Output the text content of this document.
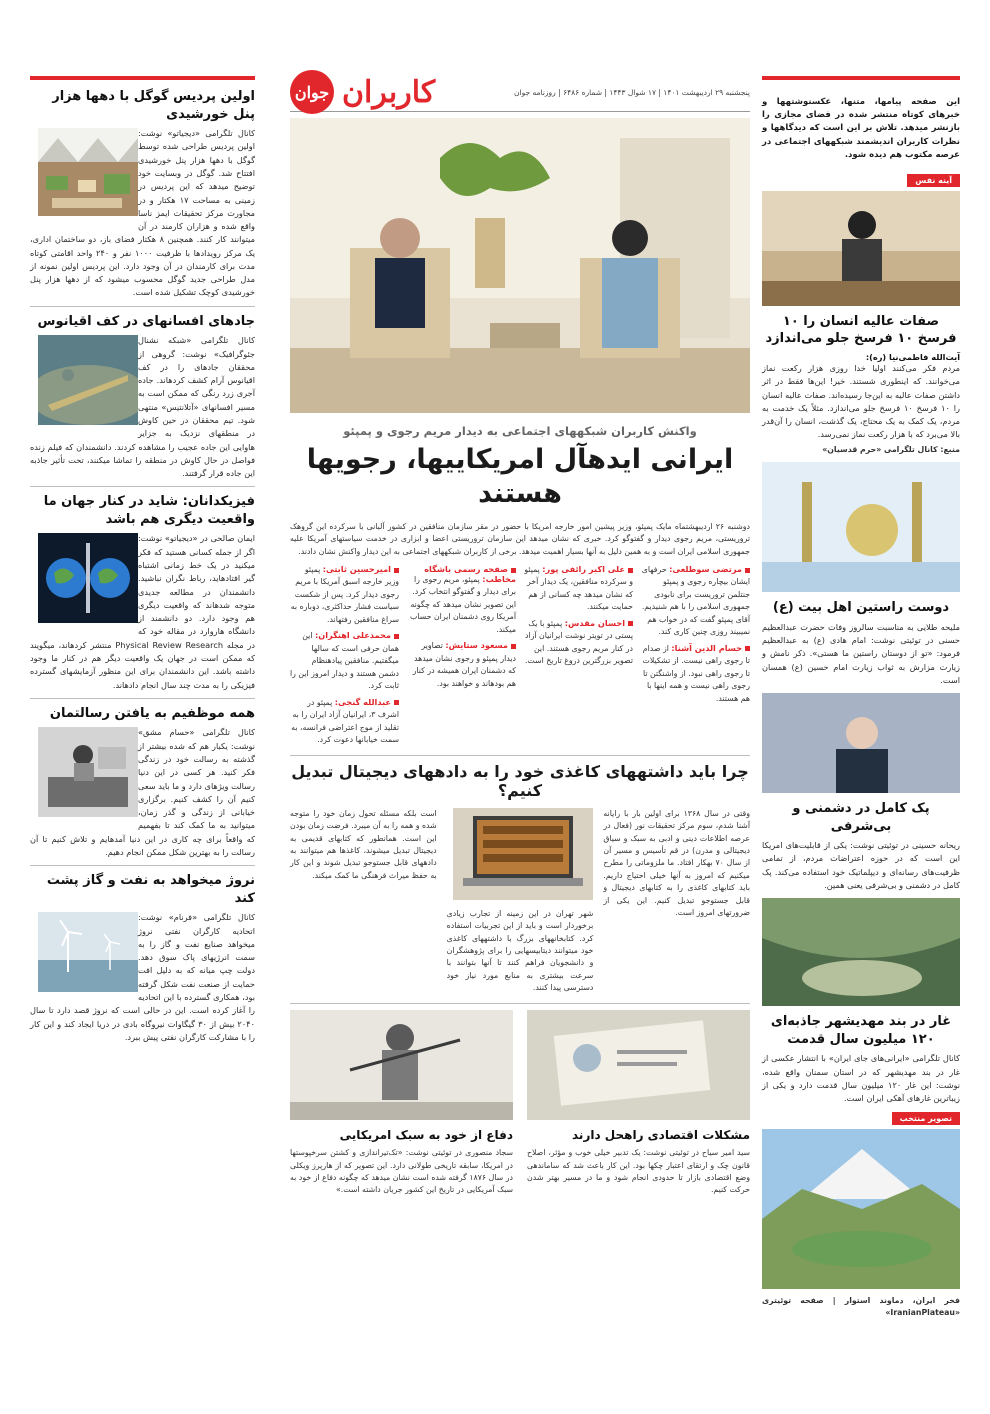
اولین پردیس گوگل با دهها هزار پنل خورشیدی
کانال تلگرامی «دیجیاتو» نوشت: اولین پردیس طراحی شده توسط گوگل با دهها هزار پنل خورشیدی افتتاح شد. گوگل در وبسایت خود توضیح میدهد که این پردیس در زمینی به مساحت ۱۷ هکتار و در مجاورت مرکز تحقیقات ایمز ناسا واقع شده و هزاران کارمند در آن میتوانند کار کنند. همچنین ۸ هکتار فضای باز، دو ساختمان اداری، یک مرکز رویدادها با ظرفیت ۱۰۰۰ نفر و ۲۴۰ واحد اقامتی کوتاه مدت برای کارمندان در آن وجود دارد. این پردیس اولین نمونه از مدل طراحی جدید گوگل محسوب میشود که از دهها هزار پنل خورشیدی کوچک تشکیل شده است.
جادهای افسانهای در کف اقیانوس
کانال تلگرامی «شبکه نشنال جئوگرافیک» نوشت: گروهی از محققان جادهای را در کف اقیانوس آرام کشف کردهاند. جاده آجری زرد رنگی که ممکن است به مسیر افسانهای «آتلانتیس» منتهی شود. تیم محققان در حین کاوش در منطقهای نزدیک به جزایر هاوایی این جاده عجیب را مشاهده کردند. دانشمندان که فیلم زنده فواصل در حال کاوش در منطقه را تماشا میکنند، تحت تأثیر جاذبه این جاده قرار گرفتند.
فیزیکدانان: شاید در کنار جهان ما واقعیت دیگری هم باشد
ایمان صالحی در «دیجیاتو» نوشت: اگر از جمله کسانی هستید که فکر میکنید در یک خط زمانی اشتباه گیر افتادهاید، رباط نگران نباشید. دانشمندان در مطالعه جدیدی متوجه شدهاند که واقعیت دیگری هم وجود دارد. دو دانشمند از دانشگاه هاروارد در مقاله خود که در مجله Physical Review Research منتشر کردهاند، میگویند که ممکن است در جهان یک واقعیت دیگر هم در کنار ما وجود داشته باشد. این دانشمندان برای این منظور آزمایشهای گسترده فیزیکی را به مدت چند سال انجام دادهاند.
همه موظفیم به یافتن رسالتمان
کانال تلگرامی «حسام مشق» نوشت: یکبار هم که شده بیشتر از گذشته به رسالت خود در زندگی فکر کنید. هر کسی در این دنیا رسالت ویژهای دارد و ما باید سعی کنیم آن را کشف کنیم. برگزاری خیابانی از زندگی و گذر زمان، میتوانید به ما کمک کند تا بفهمیم که واقعاً برای چه کاری در این دنیا آمدهایم و تلاش کنیم تا آن رسالت را به بهترین شکل ممکن انجام دهیم.
نروژ میخواهد به نفت و گاز پشت کند
کانال تلگرامی «فرنام» نوشت: اتحادیه کارگران نفتی نروژ میخواهد صنایع نفت و گاز را به سمت انرژیهای پاک سوق دهد. دولت چپ میانه که به دلیل افت حمایت از صنعت نفت شکل گرفته بود، همکاری گسترده با این اتحادیه را آغاز کرده است. این در حالی است که نروژ قصد دارد تا سال ۲۰۴۰ بیش از ۳۰ گیگاوات نیروگاه بادی در دریا ایجاد کند و این کار را با مشارکت کارگران نفتی پیش ببرد.
پنجشنبه ۲۹ اردیبهشت ۱۴۰۱ | ۱۷ شوال ۱۴۴۳ | شماره ۶۴۸۶ | روزنامه جوان
کاربران
جوان
واکنش کاربران شبکههای اجتماعی به دیدار مریم رجوی و پمپئو
ایرانی ایدهآل امریکاییها، رجویها هستند
دوشنبه ۲۶ اردیبهشتماه مایک پمپئو، وزیر پیشین امور خارجه امریکا با حضور در مقر سازمان منافقین در کشور آلبانی با سرکرده این گروهک تروریستی، مریم رجوی دیدار و گفتوگو کرد. خبری که نشان میدهد این سازمان تروریستی اعضا و ابزاری در خدمت سیاستهای آمریکا علیه جمهوری اسلامی ایران است و به همین دلیل به آنها بسیار اهمیت میدهد. برخی از کاربران شبکههای اجتماعی به این دیدار واکنش نشان دادند.
مرتضی سوطلعی: حرفهای ایشان بیچاره رجوی و پمپئو جنتلمن تروریست برای نابودی جمهوری اسلامی را با هم شنیدیم. آقای پمپئو گفت که در خواب هم نمیبیند روزی چنین کاری کند.
حسام الدین آشنا: از صدام تا رجوی راهی نیست. از تشکیلات تا رجوی راهی نبود. از واشنگتن تا رجوی راهی نیست و همه اینها با هم هستند.
علی اکبر رائفی پور: پمپئو و سرکرده منافقین، یک دیدار آخر که نشان میدهد چه کسانی از هم حمایت میکنند.
احسان مقدس: پمپئو با یک پستی در تویتر نوشت ایرانیان آزاد در کنار مریم رجوی هستند. این تصویر بزرگترین دروغ تاریخ است.
صفحه رسمی باشگاه مخاطب: پمپئو، مریم رجوی را برای دیدار و گفتوگو انتخاب کرد. این تصویر نشان میدهد که چگونه آمریکا روی دشمنان ایران حساب میکند.
مسعود ستایش: تصاویر دیدار پمپئو و رجوی نشان میدهد که دشمنان ایران همیشه در کنار هم بودهاند و خواهند بود.
امیرحسین ثابتی: پمپئو وزیر خارجه اسبق آمریکا با مریم رجوی دیدار کرد. پس از شکست سیاست فشار حداکثری، دوباره به سراغ منافقین رفتهاند.
محمدعلی اهنگران: این همان حرفی است که سالها میگفتیم. منافقین پیادهنظام دشمن هستند و دیدار امروز این را ثابت کرد.
عبدالله گنجی: پمپئو در اشرف ۳، ایرانیان آزاد ایران را به تقلید از موج اعتراضی فرانسه، به سمت خیابانها دعوت کرد.
چرا باید داشتههای کاغذی خود را به دادههای دیجیتال تبدیل کنیم؟
وقتی در سال ۱۳۶۸ برای اولین بار با رایانه آشنا شدم، سوم مرکز تحقیقات نور (فعال در عرصه اطلاعات دینی و ادبی به سبک و سیاق دیجیتالی و مدرن) در قم تأسیس و مسیر آن از سال ۷۰ بهکار افتاد. ما ملزوماتی را مطرح میکنیم که امروز به آنها خیلی احتیاج داریم. باید کتابهای کاغذی را به کتابهای دیجیتال و قابل جستوجو تبدیل کنیم. این یکی از ضرورتهای امروز است.
شهر تهران در این زمینه از تجارب زیادی برخوردار است و باید از این تجربیات استفاده کرد. کتابخانههای بزرگ با داشتههای کاغذی خود میتوانند دیتابیسهایی را برای پژوهشگران و دانشجویان فراهم کنند تا آنها بتوانند با سرعت بیشتری به منابع مورد نیاز خود دسترسی پیدا کنند.
است بلکه مسئله تحول زمان خود را متوجه شده و همه را به آن میبرد. فرضت زمان بودن این است. همانطور که کتابهای قدیمی به دیجیتال تبدیل میشوند، کاغذها هم میتوانند به دادههای قابل جستوجو تبدیل شوند و این کار به حفظ میراث فرهنگی ما کمک میکند.
مشکلات اقتصادی راهحل دارند
سید امیر سیاح در توئیتی نوشت: یک تدبیر خیلی خوب و مؤثر، اصلاح قانون چک و ارتقای اعتبار چکها بود. این کار باعث شد که ساماندهی وضع اقتصادی بازار تا حدودی انجام شود و ما در مسیر بهتر شدن حرکت کنیم.
دفاع از خود به سبک امریکایی
سجاد منصوری در توئیتی نوشت: «تک‌تیراندازی و کشتن سرخپوستها در امریکا، سابقه تاریخی طولانی دارد. این تصویر که از هارپرز ویکلی در سال ۱۸۷۶ گرفته شده است نشان میدهد که چگونه دفاع از خود به سبک آمریکایی در تاریخ این کشور جریان داشته است.»
این صفحه پیامها، متنها، عکسنوشتهها و خبرهای کوتاه منتشر شده در فضای مجازی را بازنشر میدهد. تلاش بر این است که دیدگاهها و نظرات کاربران اندیشمند شبکههای اجتماعی در عرصه مکتوب هم دیده شود.
آینه نفس
صفات عالیه انسان را ۱۰ فرسخ ۱۰ فرسخ جلو می‌اندازد
آیت‌الله فاطمی‌نیا (ره):
مردم فکر می‌کنند اولیا خدا روزی هزار رکعت نماز می‌خوانند. که اینطوری شستند. خیر! این‌ها فقط در اثر داشتن صفات عالیه به این‌جا رسیده‌اند. صفات عالیه انسان را ۱۰ فرسخ ۱۰ فرسخ جلو می‌اندازد. مثلاً یک خدمت به مردم، یک کمک به یک محتاج، یک گذشت، انسان را آن‌قدر بالا می‌برد که با هزار رکعت نماز نمی‌رسد.
منبع: کانال تلگرامی «حرم قدسیان»
دوست راستین اهل بیت (ع)
ملیحه طلایی به مناسبت سالروز وفات حضرت عبدالعظیم حسنی در توئیتی نوشت: امام هادی (ع) به عبدالعظیم فرمود: «تو از دوستان راستین ما هستی». ذکر نامش و زیارت مزارش به ثواب زیارت امام حسین (ع) همسان است.
پک کامل در دشمنی و بی‌شرفی
ریحانه حسینی در توئیتی نوشت: یکی از قابلیت‌های امریکا این است که در حوزه اعتراضات مردم، از تمامی ظرفیت‌های رسانه‌ای و دیپلماتیک خود استفاده می‌کند. پک کامل در دشمنی و بی‌شرفی یعنی همین.
غار در بند مهدیشهر جاذبه‌ای ۱۲۰ میلیون سال قدمت
کانال تلگرامی «ایرانی‌های جای ایران» با انتشار عکسی از غار در بند مهدیشهر که در استان سمنان واقع شده، نوشت: این غار ۱۲۰ میلیون سال قدمت دارد و یکی از زیباترین غارهای آهکی ایران است.
تصویر منتخب
فخر ایران، دماوند استوار | صفحه توئیتری «IranianPlateau»
